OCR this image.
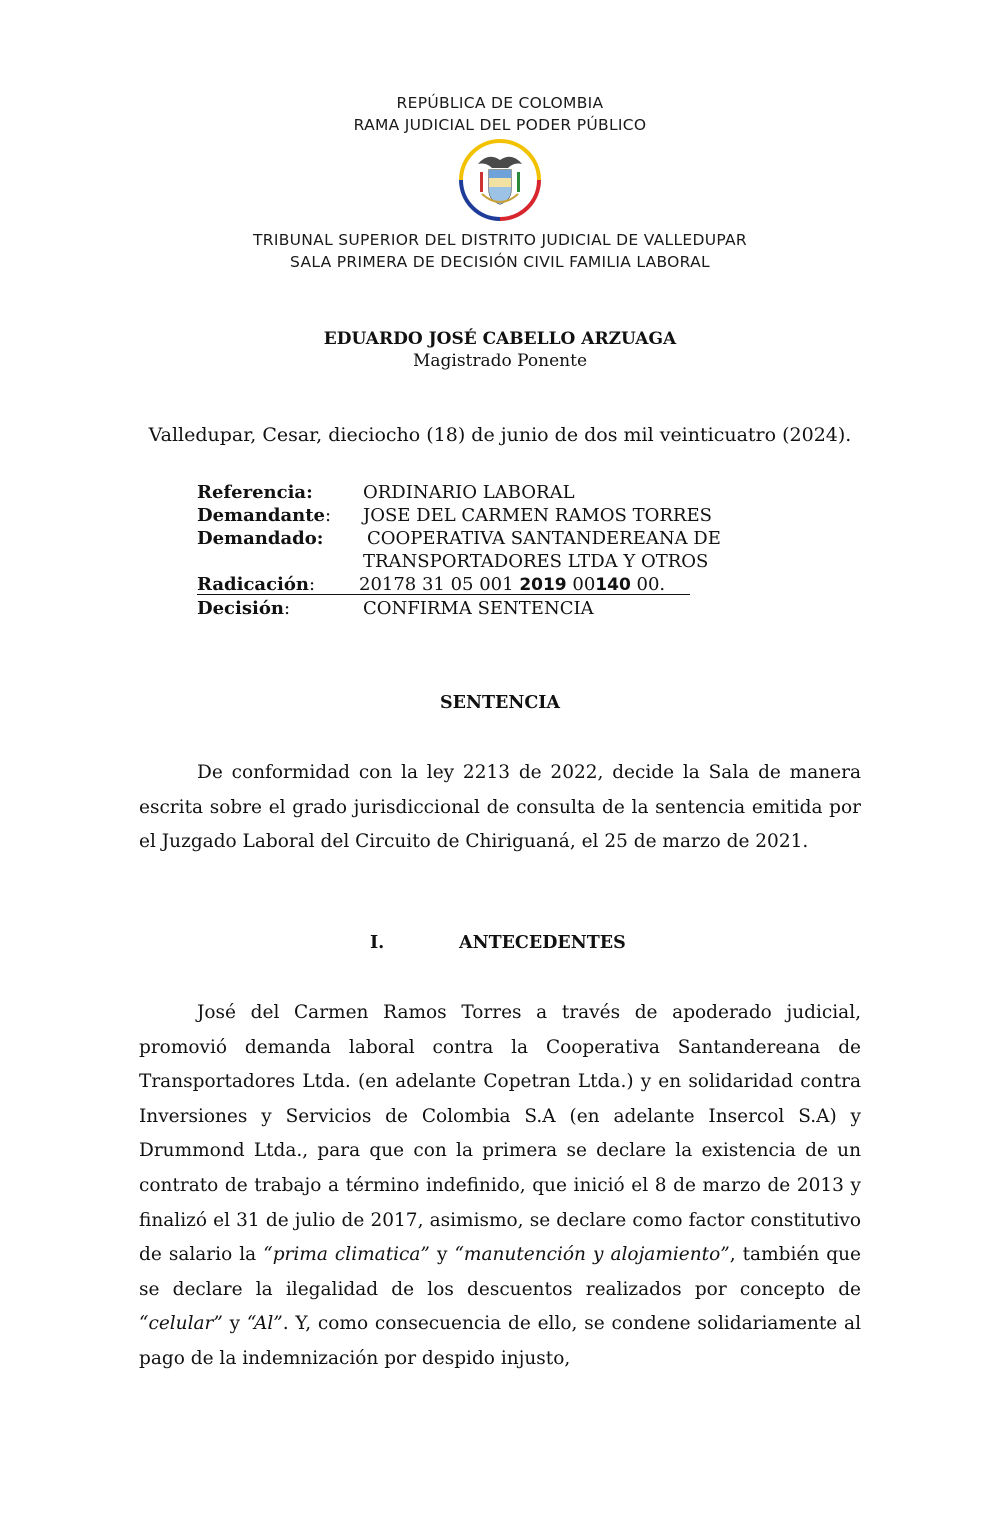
REPÚBLICA DE COLOMBIA
RAMA JUDICIAL DEL PODER PÚBLICO
TRIBUNAL SUPERIOR DEL DISTRITO JUDICIAL DE VALLEDUPAR
SALA PRIMERA DE DECISIÓN CIVIL FAMILIA LABORAL
EDUARDO JOSÉ CABELLO ARZUAGA
Magistrado Ponente
Valledupar, Cesar, dieciocho (18) de junio de dos mil veinticuatro (2024).
Referencia:	ORDINARIO LABORAL
Demandante: JOSE DEL CARMEN RAMOS TORRES
Demandado: COOPERATIVA SANTANDEREANA DE
TRANSPORTADORES LTDA Y OTROS
Radicación: 20178 31 05 001 2019 00140 00.
Decisión:	CONFIRMA SENTENCIA
SENTENCIA

De conformidad con la ley 2213 de 2022, decide la Sala de manera escrita sobre el grado jurisdiccional de consulta de la sentencia emitida por el Juzgado Laboral del Circuito de Chiriguaná, el 25 de marzo de 2021.

I.	ANTECEDENTES

José del Carmen Ramos Torres a través de apoderado judicial, promovió demanda laboral contra la Cooperativa Santandereana de Transportadores Ltda. (en adelante Copetran Ltda.) y en solidaridad contra Inversiones y Servicios de Colombia S.A (en adelante Insercol S.A) y Drummond Ltda., para que con la primera se declare la existencia de un contrato de trabajo a término indefinido, que inició el 8 de marzo de 2013 y finalizó el 31 de julio de 2017, asimismo, se declare como factor constitutivo de salario la “prima climatica” y “manutención y alojamiento”, también que se declare la ilegalidad de los descuentos realizados por concepto de “celular” y “Al”. Y, como consecuencia de ello, se condene solidariamente al pago de la indemnización por despido injusto,
